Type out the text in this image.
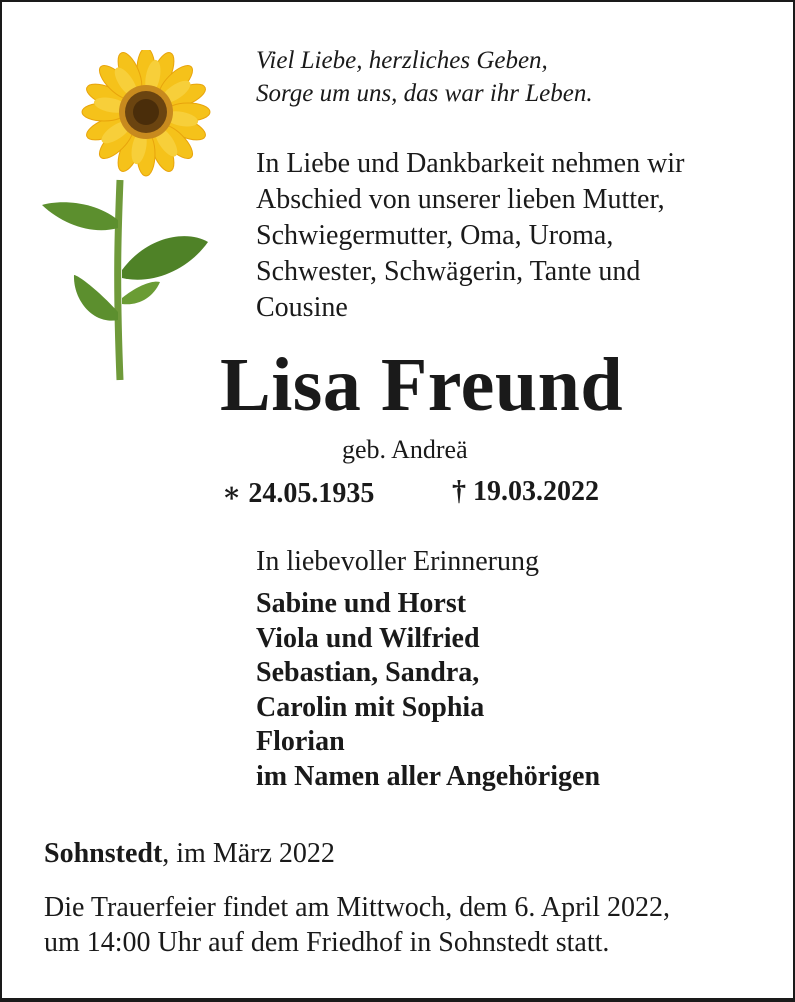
Viel Liebe, herzliches Geben,
Sorge um uns, das war ihr Leben.
In Liebe und Dankbarkeit nehmen wir
Abschied von unserer lieben Mutter,
Schwiegermutter, Oma, Uroma,
Schwester, Schwägerin, Tante und
Cousine
Lisa Freund
geb. Andreä
∗ 24.05.1935	† 19.03.2022
In liebevoller Erinnerung
Sabine und Horst
Viola und Wilfried
Sebastian, Sandra,
Carolin mit Sophia
Florian
im Namen aller Angehörigen
Sohnstedt, im März 2022
Die Trauerfeier findet am Mittwoch, dem 6. April 2022,
um 14:00 Uhr auf dem Friedhof in Sohnstedt statt.
